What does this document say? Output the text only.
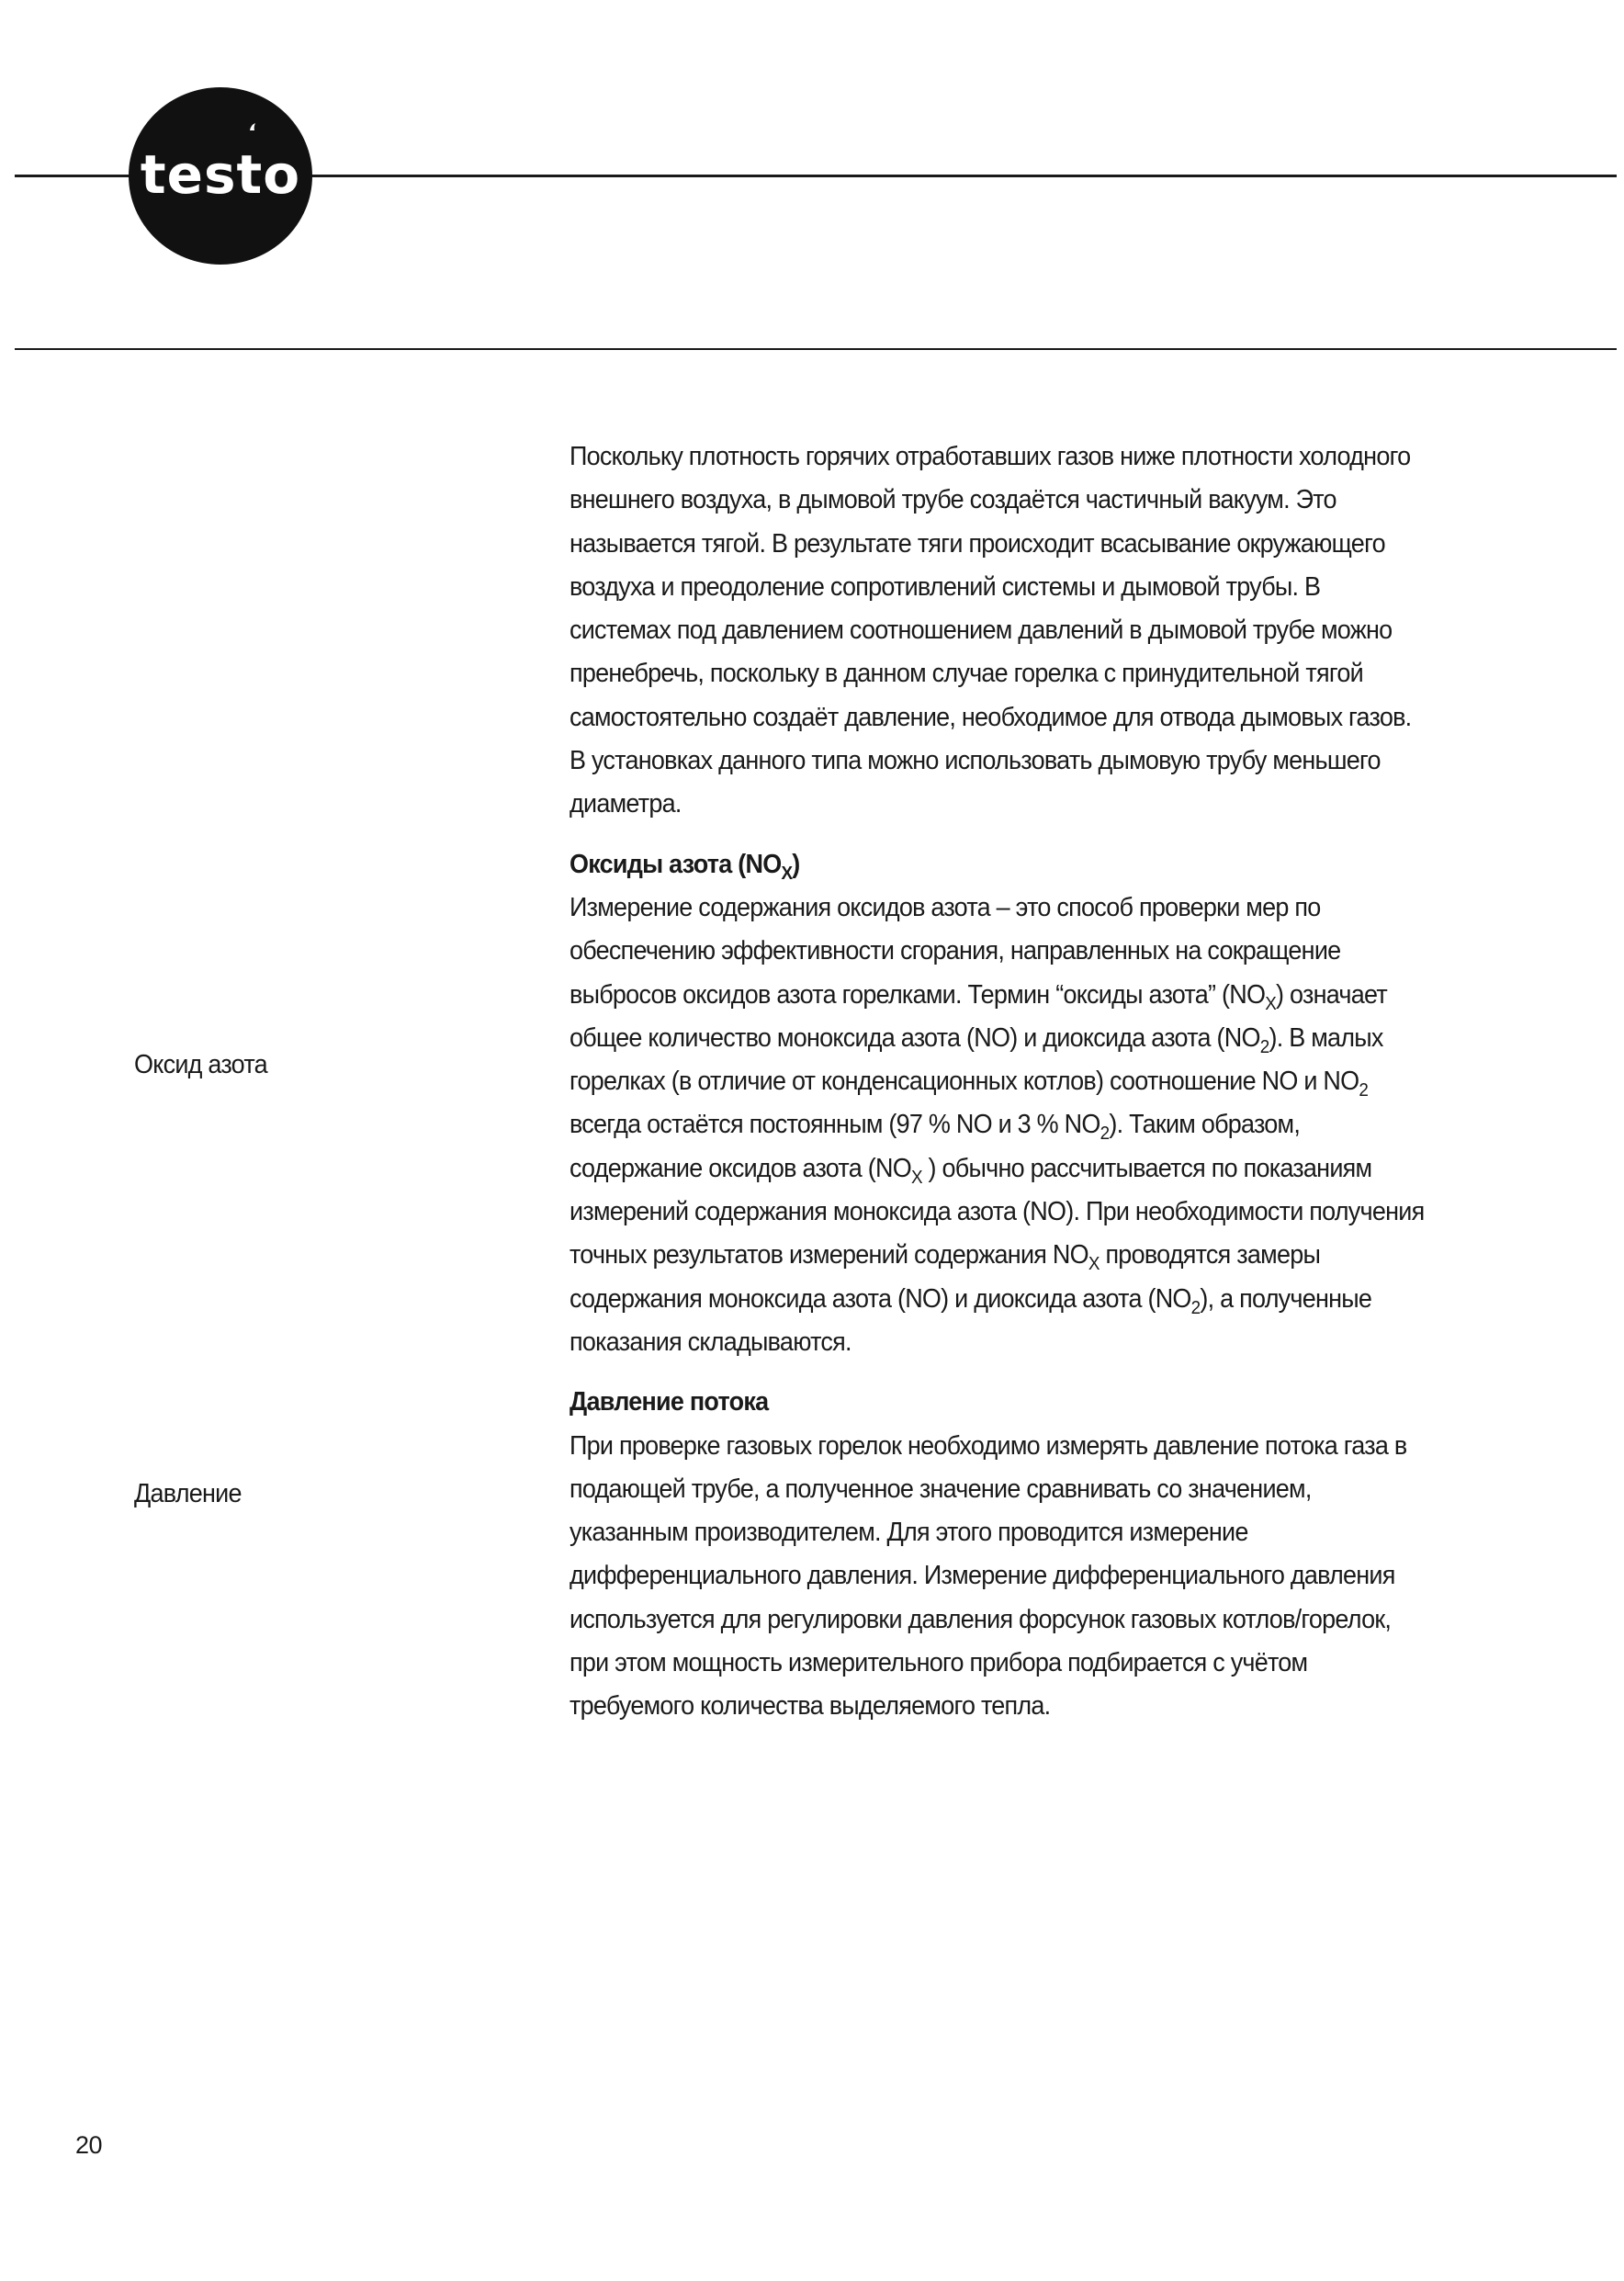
testo
Оксид азота
Давление

Поскольку плотность горячих отработавших газов ниже плотности холодного

внешнего воздуха, в дымовой трубе создаётся частичный вакуум. Это

называется тягой. В результате тяги происходит всасывание окружающего

воздуха и преодоление сопротивлений системы и дымовой трубы. В

системах под давлением соотношением давлений в дымовой трубе можно

пренебречь, поскольку в данном случае горелка с принудительной тягой

самостоятельно создаёт давление, необходимое для отвода дымовых газов.

В установках данного типа можно использовать дымовую трубу меньшего

диаметра.

Оксиды азота $(NO_X)$

Измерение содержания оксидов азота – это способ проверки мер по

обеспечению эффективности сгорания, направленных на сокращение

выбросов оксидов азота горелками. Термин “оксиды азота” $(NO_X)$ означает

общее количество моноксида азота (NO) и диоксида азота $(NO_2)$. В малых

горелках (в отличие от конденсационных котлов) соотношение NO и $NO_2$

всегда остаётся постоянным (97 % NO и 3 % $NO_2$). Таким образом,

содержание оксидов азота ($NO_X$ ) обычно рассчитывается по показаниям

измерений содержания моноксида азота (NO). При необходимости получения

точных результатов измерений содержания $NO_X$ проводятся замеры

содержания моноксида азота (NO) и диоксида азота $(NO_2)$, а полученные

показания складываются.

Давление потока

При проверке газовых горелок необходимо измерять давление потока газа в

подающей трубе, а полученное значение сравнивать со значением,

указанным производителем. Для этого проводится измерение

дифференциального давления. Измерение дифференциального давления

используется для регулировки давления форсунок газовых котлов/горелок,

при этом мощность измерительного прибора подбирается с учётом

требуемого количества выделяемого тепла.

20
